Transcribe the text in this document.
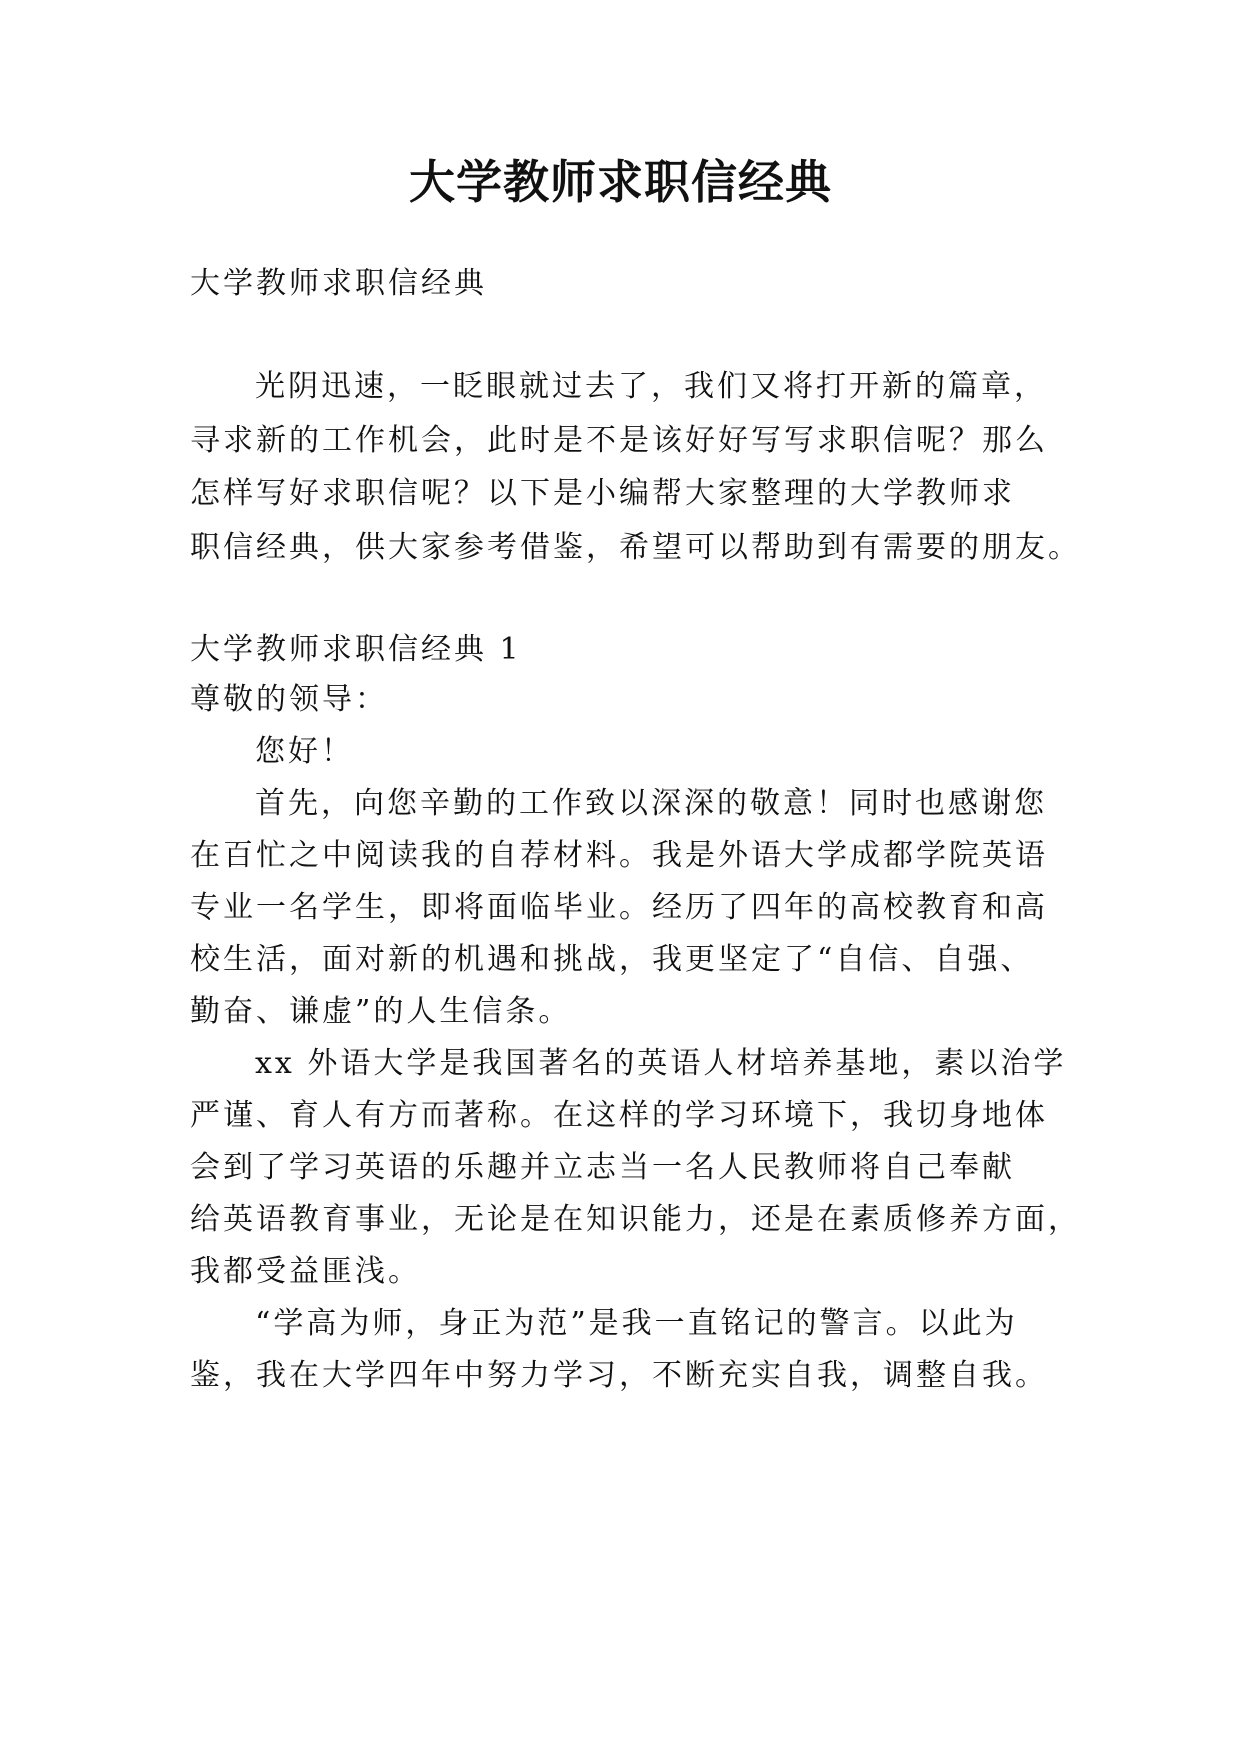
大学教师求职信经典
大学教师求职信经典
光阴迅速，一眨眼就过去了，我们又将打开新的篇章，
寻求新的工作机会，此时是不是该好好写写求职信呢？那么
怎样写好求职信呢？以下是小编帮大家整理的大学教师求
职信经典，供大家参考借鉴，希望可以帮助到有需要的朋友。
大学教师求职信经典 1
尊敬的领导：
您好！
首先，向您辛勤的工作致以深深的敬意！同时也感谢您
在百忙之中阅读我的自荐材料。我是外语大学成都学院英语
专业一名学生，即将面临毕业。经历了四年的高校教育和高
校生活，面对新的机遇和挑战，我更坚定了“自信、自强、
勤奋、谦虚”的人生信条。
xx 外语大学是我国著名的英语人材培养基地，素以治学
严谨、育人有方而著称。在这样的学习环境下，我切身地体
会到了学习英语的乐趣并立志当一名人民教师将自己奉献
给英语教育事业，无论是在知识能力，还是在素质修养方面，
我都受益匪浅。
“学高为师，身正为范”是我一直铭记的警言。以此为
鉴，我在大学四年中努力学习，不断充实自我，调整自我。
